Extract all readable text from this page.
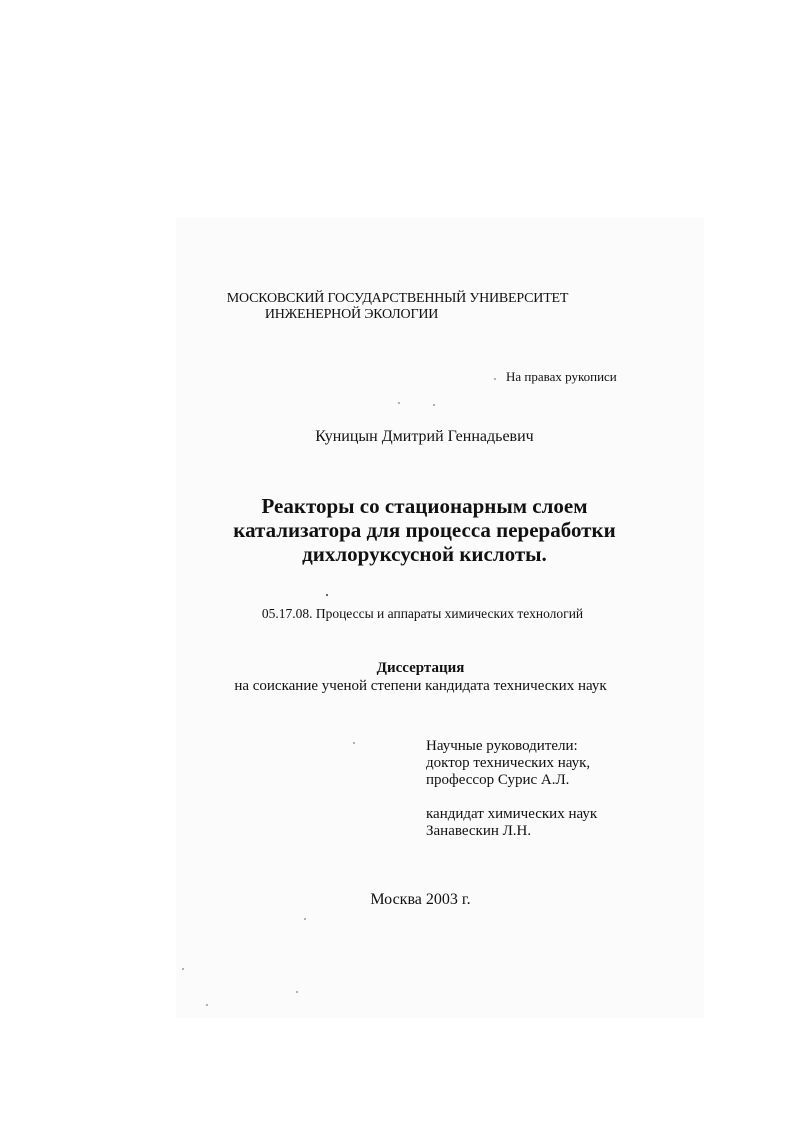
МОСКОВСКИЙ ГОСУДАРСТВЕННЫЙ УНИВЕРСИТЕТ
ИНЖЕНЕРНОЙ ЭКОЛОГИИ
На правах рукописи
Куницын Дмитрий Геннадьевич
Реакторы со стационарным слоем
катализатора для процесса переработки
дихлоруксусной кислоты.
05.17.08. Процессы и аппараты химических технологий
Диссертация
на соискание ученой степени кандидата технических наук
Научные руководители:
доктор технических наук,
профессор Сурис А.Л.
кандидат химических наук
Занавескин Л.Н.
Москва 2003 г.
